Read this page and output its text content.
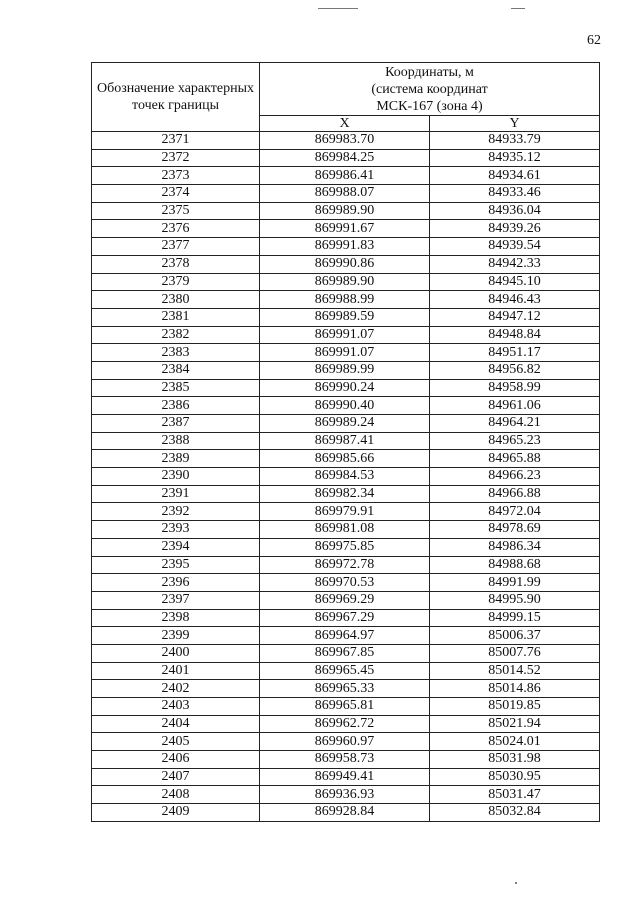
62
Обозначение характерных точек границы	Координаты, м
(система координат
МСК-167 (зона 4)	

	X	Y
2371	869983.70	84933.79
2372	869984.25	84935.12
2373	869986.41	84934.61
2374	869988.07	84933.46
2375	869989.90	84936.04
2376	869991.67	84939.26
2377	869991.83	84939.54
2378	869990.86	84942.33
2379	869989.90	84945.10
2380	869988.99	84946.43
2381	869989.59	84947.12
2382	869991.07	84948.84
2383	869991.07	84951.17
2384	869989.99	84956.82
2385	869990.24	84958.99
2386	869990.40	84961.06
2387	869989.24	84964.21
2388	869987.41	84965.23
2389	869985.66	84965.88
2390	869984.53	84966.23
2391	869982.34	84966.88
2392	869979.91	84972.04
2393	869981.08	84978.69
2394	869975.85	84986.34
2395	869972.78	84988.68
2396	869970.53	84991.99
2397	869969.29	84995.90
2398	869967.29	84999.15
2399	869964.97	85006.37
2400	869967.85	85007.76
2401	869965.45	85014.52
2402	869965.33	85014.86
2403	869965.81	85019.85
2404	869962.72	85021.94
2405	869960.97	85024.01
2406	869958.73	85031.98
2407	869949.41	85030.95
2408	869936.93	85031.47
2409	869928.84	85032.84
